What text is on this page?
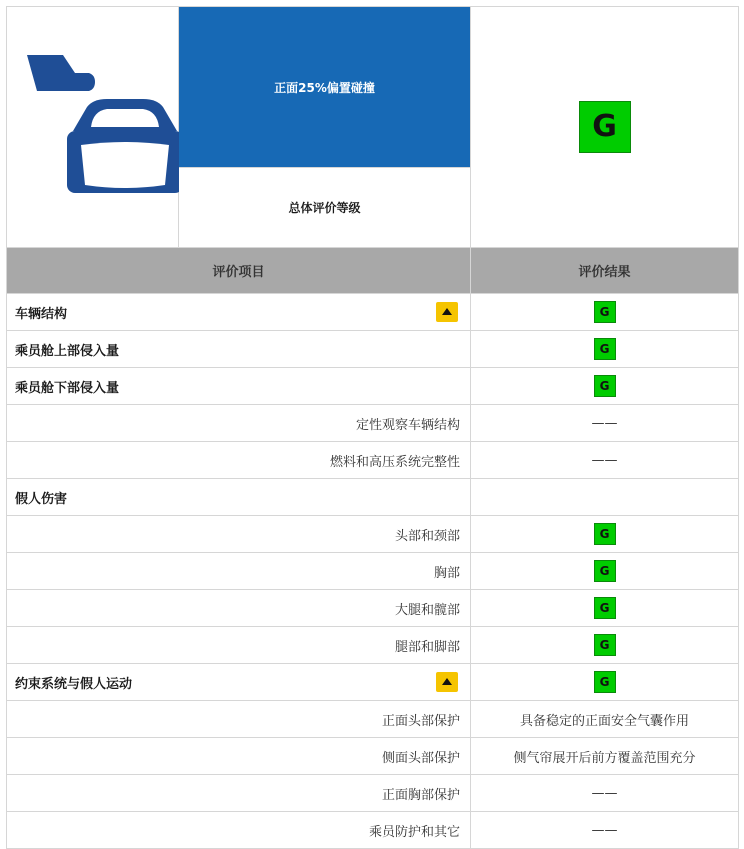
	正面25%偏置碰撞	G
	总体评价等级	
评价项目		评价结果
车辆结构		G
乘员舱上部侵入量		G
乘员舱下部侵入量		G
定性观察车辆结构		——
燃料和高压系统完整性		——
假人伤害		
头部和颈部		G
胸部		G
大腿和髋部		G
腿部和脚部		G
约束系统与假人运动		G
正面头部保护		具备稳定的正面安全气囊作用
侧面头部保护		侧气帘展开后前方覆盖范围充分
正面胸部保护		——
乘员防护和其它		——
